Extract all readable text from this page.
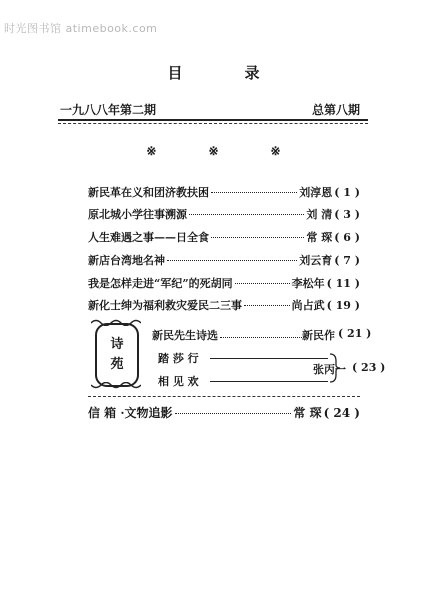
时光图书馆 atimebook.com
目	录
一九八八年第二期	总第八期
※	※	※
新民革在义和团济教扶困	刘淳恩 ( 1 )
原北城小学往事溯源	刘 清 ( 3 )
人生难遇之事——日全食	常 琛 ( 6 )
新店台湾地名神	刘云育 ( 7 )
我是怎样走进“军纪”的死胡同	李松年 ( 11 )
新化士绅为福利救灾爱民二三事	尚占武 ( 19 )
诗
苑
新民先生诗选	新民作 ( 21 )
踏 莎 行
相 见 欢
张丙一 ( 23 )
信 箱 ·文物追影	常 琛 ( 24 )
